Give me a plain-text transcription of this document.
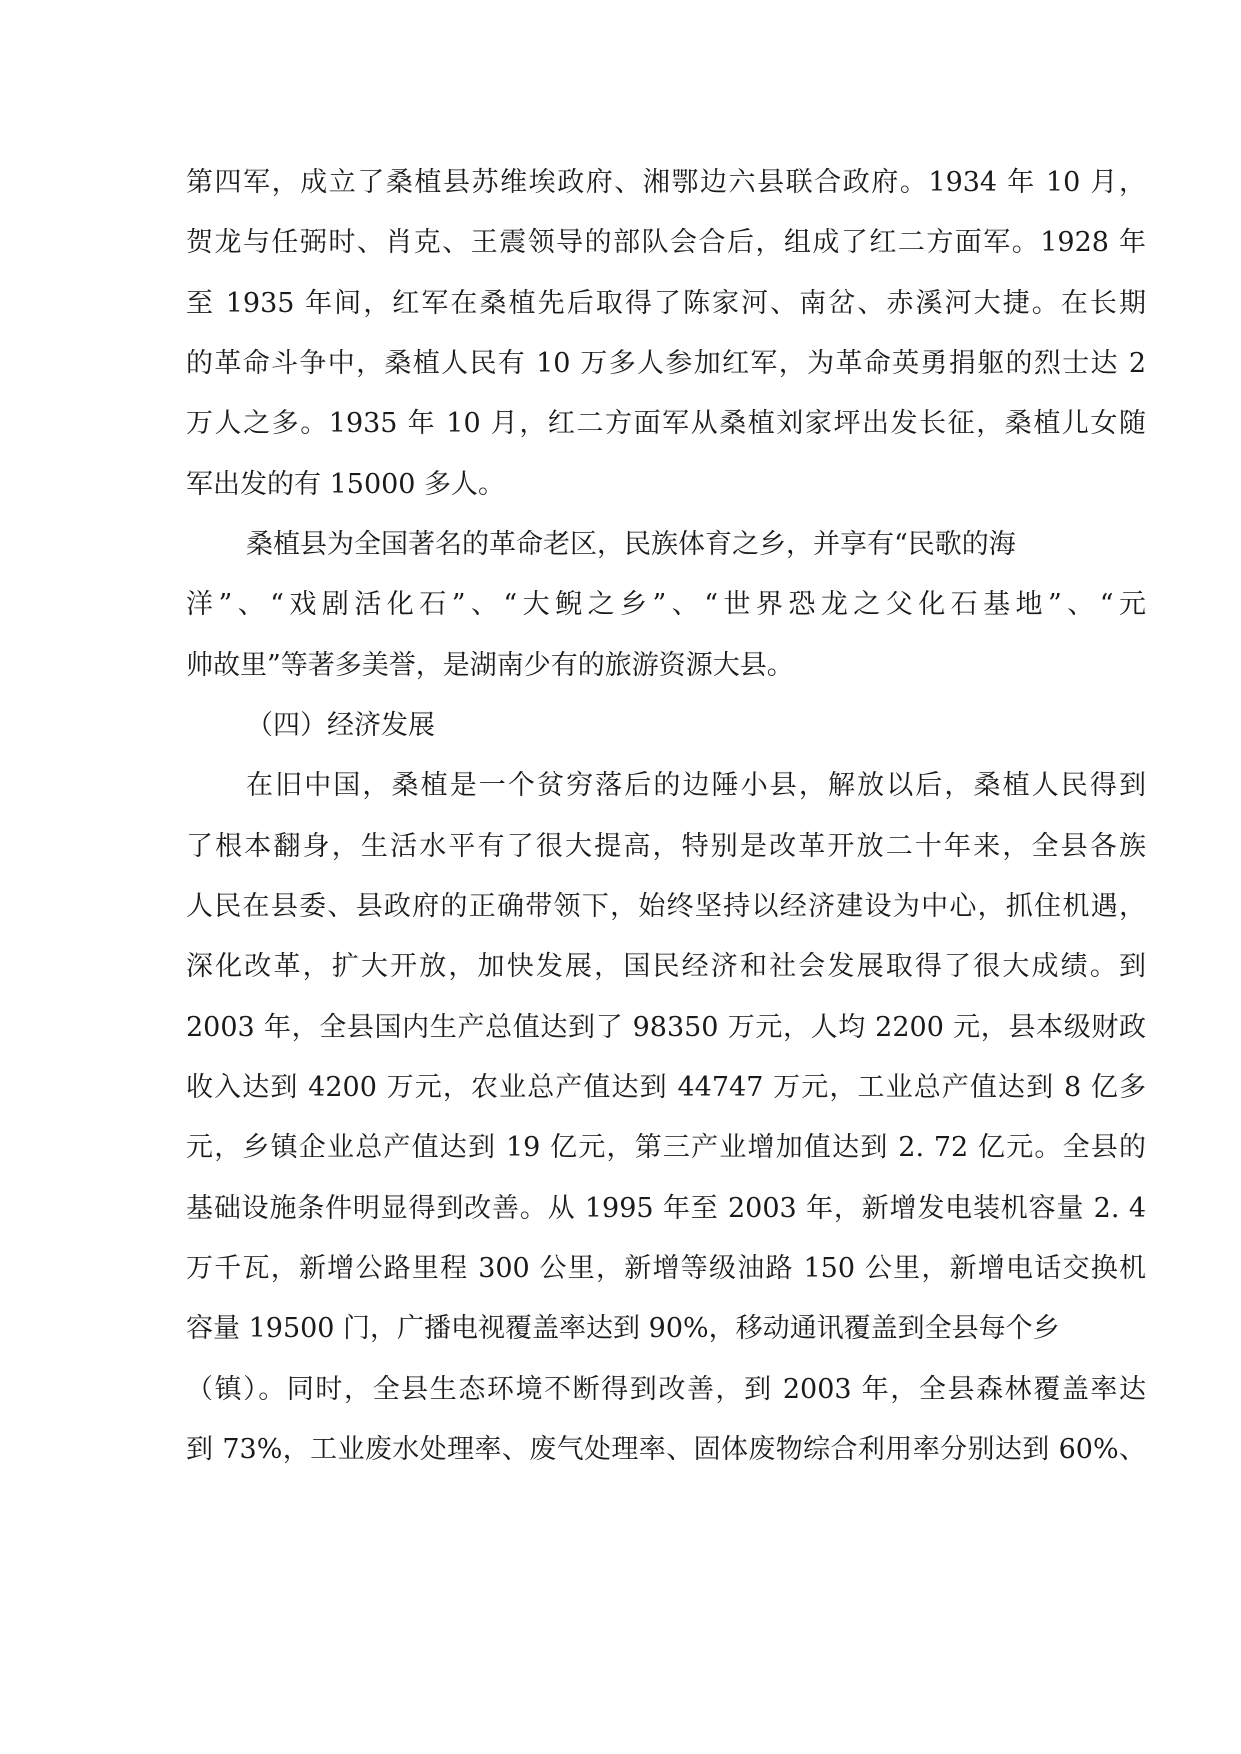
第四军，成立了桑植县苏维埃政府、湘鄂边六县联合政府。1934 年 10 月，
贺龙与任弼时、肖克、王震领导的部队会合后，组成了红二方面军。1928 年
至 1935 年间，红军在桑植先后取得了陈家河、南岔、赤溪河大捷。在长期
的革命斗争中，桑植人民有 10 万多人参加红军，为革命英勇捐躯的烈士达 2
万人之多。1935 年 10 月，红二方面军从桑植刘家坪出发长征，桑植儿女随
军出发的有 15000 多人。
桑植县为全国著名的革命老区，民族体育之乡，并享有“民歌的海
洋”、“戏剧活化石”、“大鲵之乡”、“世界恐龙之父化石基地”、“元
帅故里”等著多美誉，是湖南少有的旅游资源大县。
（四）经济发展
在旧中国，桑植是一个贫穷落后的边陲小县，解放以后，桑植人民得到
了根本翻身，生活水平有了很大提高，特别是改革开放二十年来，全县各族
人民在县委、县政府的正确带领下，始终坚持以经济建设为中心，抓住机遇，
深化改革，扩大开放，加快发展，国民经济和社会发展取得了很大成绩。到
2003 年，全县国内生产总值达到了 98350 万元，人均 2200 元，县本级财政
收入达到 4200 万元，农业总产值达到 44747 万元，工业总产值达到 8 亿多
元，乡镇企业总产值达到 19 亿元，第三产业增加值达到 2. 72 亿元。全县的
基础设施条件明显得到改善。从 1995 年至 2003 年，新增发电装机容量 2. 4
万千瓦，新增公路里程 300 公里，新增等级油路 150 公里，新增电话交换机
容量 19500 门，广播电视覆盖率达到 90%，移动通讯覆盖到全县每个乡
（镇）。同时，全县生态环境不断得到改善，到 2003 年，全县森林覆盖率达
到 73%，工业废水处理率、废气处理率、固体废物综合利用率分别达到 60%、
